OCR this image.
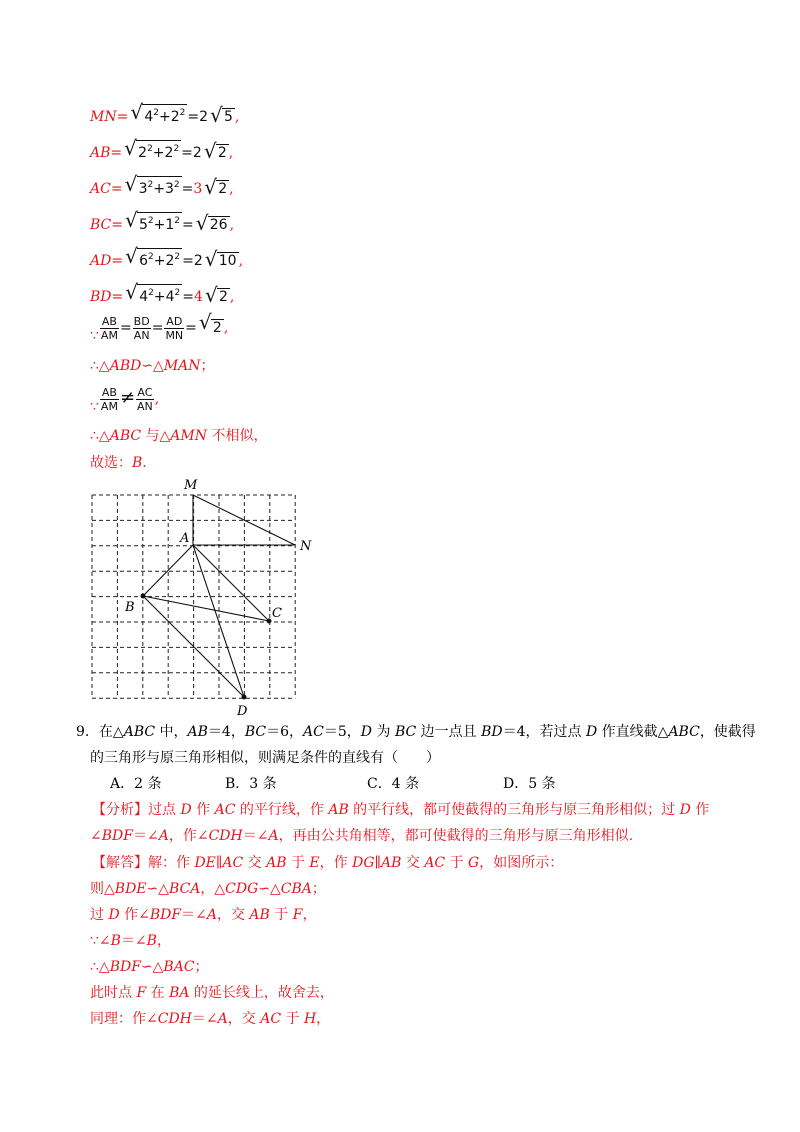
MN= √ $4^2+2^2 =2$ √ 5 ,
AB= √ $2^2+2^2 =2$ √ 2 ,
AC= √ $3^2+3^2 =3$ √ 2 ,
BC= √ $5^2+1^2$ = √ 26 ,
AD= √ $6^2+2^2 =2$ √ 10 ,
BD= √ $4^2+4^2 =4$ √ 2 ,
∵ $\frac{AB}{AM} = \frac{BD}{AN} = \frac{AD}{MN}$ = √ 2 ,
∴△ABD∽△MAN；
∵ $\frac{AB}{AM} \ne \frac{AC}{AN}$ ,
∴△ABC 与△AMN 不相似，
故选：B.
M
N
A
B	C
D
9．在△ABC 中，AB＝4，BC＝6，AC＝5，D 为 BC 边一点且 BD＝4，若过点 D 作直线截△ABC，使截得
的三角形与原三角形相似，则满足条件的直线有（　　）
A．2 条	B．3 条	C．4 条	D．5 条
【分析】过点 D 作 AC 的平行线，作 AB 的平行线，都可使截得的三角形与原三角形相似；过 D 作
∠BDF＝∠A，作∠CDH＝∠A，再由公共角相等，都可使截得的三角形与原三角形相似.
【解答】解：作 DE∥AC 交 AB 于 E，作 DG∥AB 交 AC 于 G，如图所示：
则△BDE∽△BCA，△CDG∽△CBA；
过 D 作∠BDF＝∠A，交 AB 于 F，
∵∠B＝∠B，
∴△BDF∽△BAC；
此时点 F 在 BA 的延长线上，故舍去，
同理：作∠CDH＝∠A，交 AC 于 H，
